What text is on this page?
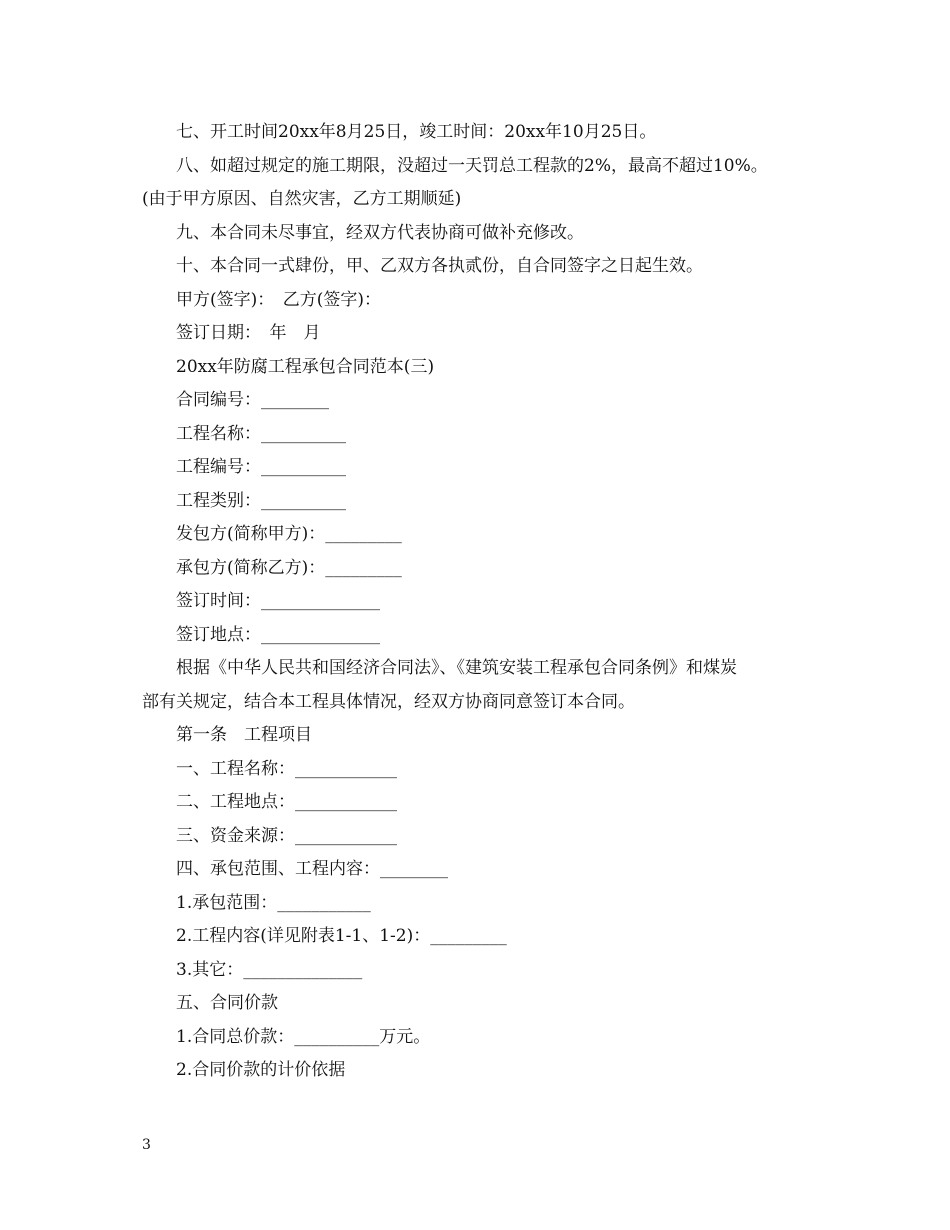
七、开工时间20xx年8月25日，竣工时间：20xx年10月25日。
八、如超过规定的施工期限，没超过一天罚总工程款的2%，最高不超过10%。
(由于甲方原因、自然灾害，乙方工期顺延)
九、本合同未尽事宜，经双方代表协商可做补充修改。
十、本合同一式肆份，甲、乙双方各执贰份，自合同签字之日起生效。
甲方(签字)：　乙方(签字)：
签订日期：　年　月
20xx年防腐工程承包合同范本(三)
合同编号：________
工程名称：__________
工程编号：__________
工程类别：__________
发包方(简称甲方)：_________
承包方(简称乙方)：_________
签订时间：______________
签订地点：______________
根据《中华人民共和国经济合同法》、《建筑安装工程承包合同条例》和煤炭
部有关规定，结合本工程具体情况，经双方协商同意签订本合同。
第一条　工程项目
一、工程名称：____________
二、工程地点：____________
三、资金来源：____________
四、承包范围、工程内容：________
1.承包范围：___________
2.工程内容(详见附表1-1、1-2)：_________
3.其它：______________
五、合同价款
1.合同总价款：__________万元。
2.合同价款的计价依据
3
